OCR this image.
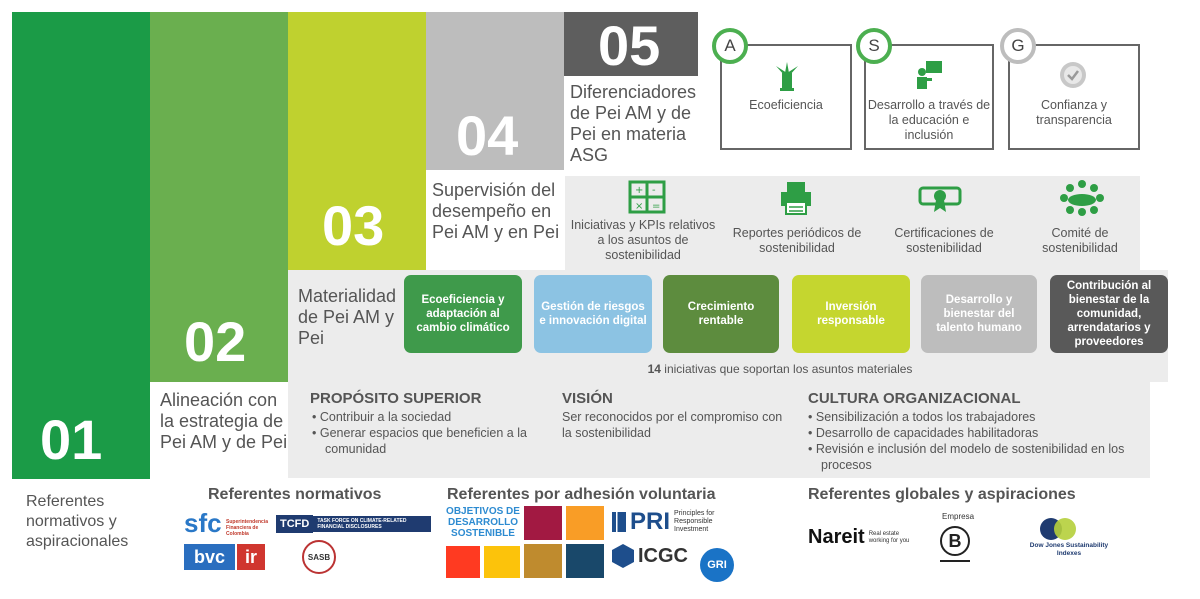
01
02
03
04
05
Referentes normativos y aspiracionales
Alineación con la estrategia de Pei AM y de Pei
Materialidad de Pei AM y Pei
Supervisión del desempeño en Pei AM y en Pei
Diferenciadores de Pei AM y de Pei en materia ASG
A
Ecoeficiencia
S
Desarrollo a través de la educación e inclusión
G
Confianza y transparencia
+ -
× =
Iniciativas y KPIs relativos a los asuntos de sostenibilidad
Reportes periódicos de sostenibilidad
Certificaciones de sostenibilidad
Comité de sostenibilidad
Ecoeficiencia y adaptación al cambio climático
Gestión de riesgos e innovación digital
Crecimiento rentable
Inversión responsable
Desarrollo y bienestar del talento humano
Contribución al bienestar de la comunidad, arrendatarios y proveedores
14 iniciativas que soportan los asuntos materiales
PROPÓSITO SUPERIOR
• Contribuir a la sociedad
• Generar espacios que beneficien a la comunidad
VISIÓN
Ser reconocidos por el compromiso con la sostenibilidad
CULTURA ORGANIZACIONAL
• Sensibilización a todos los trabajadores
• Desarrollo de capacidades habilitadoras
• Revisión e inclusión del modelo de sostenibilidad en los procesos
Referentes normativos	Referentes por adhesión voluntaria	Referentes globales y aspiraciones
sfc Superintendencia Financiera de Colombia
TCFD	TASK FORCE ON CLIMATE-RELATED FINANCIAL DISCLOSURES
bvc	ir	SASB
OBJETIVOS DE DESARROLLO SOSTENIBLE	PRI Principles for Responsible Investment
ICGC GRI
Nareit Real estate working for you
Empresa
B	Dow Jones Sustainability Indexes
